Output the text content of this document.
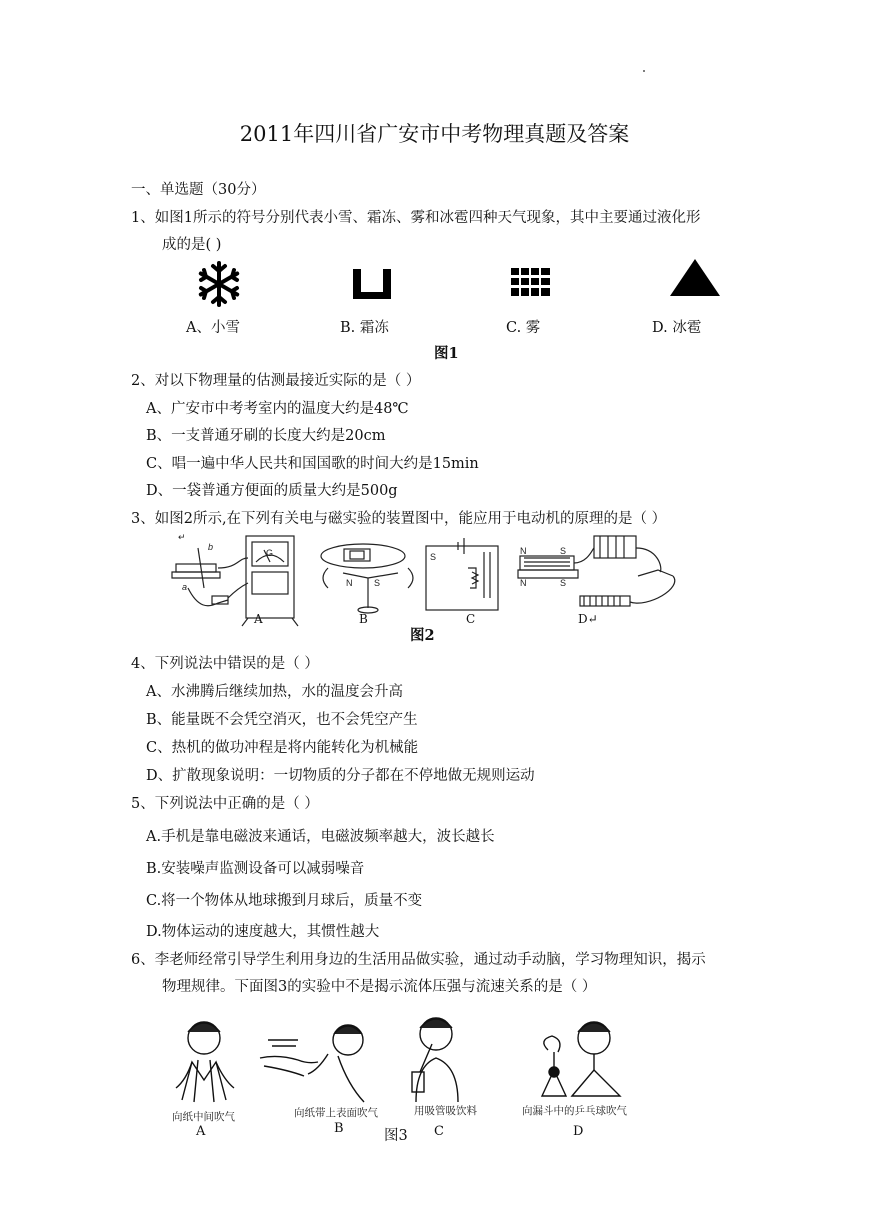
2011年四川省广安市中考物理真题及答案
一、单选题（30分）
1、如图1所示的符号分别代表小雪、霜冻、雾和冰雹四种天气现象，其中主要通过液化形
成的是( )
A、小雪	B. 霜冻	C. 雾	D. 冰雹
图1
2、对以下物理量的估测最接近实际的是（ ）
A、广安市中考考室内的温度大约是48℃
B、一支普通牙刷的长度大约是20cm
C、唱一遍中华人民共和国国歌的时间大约是15min
D、一袋普通方便面的质量大约是500g
3、如图2所示,在下列有关电与磁实验的装置图中，能应用于电动机的原理的是（ ）
↵
b
a
G
N S
S
N
S
S
N
A	B	C	D↵
图2
4、下列说法中错误的是（ ）
A、水沸腾后继续加热，水的温度会升高
B、能量既不会凭空消灭，也不会凭空产生
C、热机的做功冲程是将内能转化为机械能
D、扩散现象说明：一切物质的分子都在不停地做无规则运动
5、下列说法中正确的是（ ）
A.手机是靠电磁波来通话，电磁波频率越大，波长越长
B.安装噪声监测设备可以减弱噪音
C.将一个物体从地球搬到月球后，质量不变
D.物体运动的速度越大，其惯性越大
6、李老师经常引导学生利用身边的生活用品做实验，通过动手动脑，学习物理知识，揭示
物理规律。下面图3的实验中不是揭示流体压强与流速关系的是（ ）
向纸中间吹气	向纸带上表面吹气	用吸管吸饮料	向漏斗中的乒乓球吹气
A	B	C	D
图3
